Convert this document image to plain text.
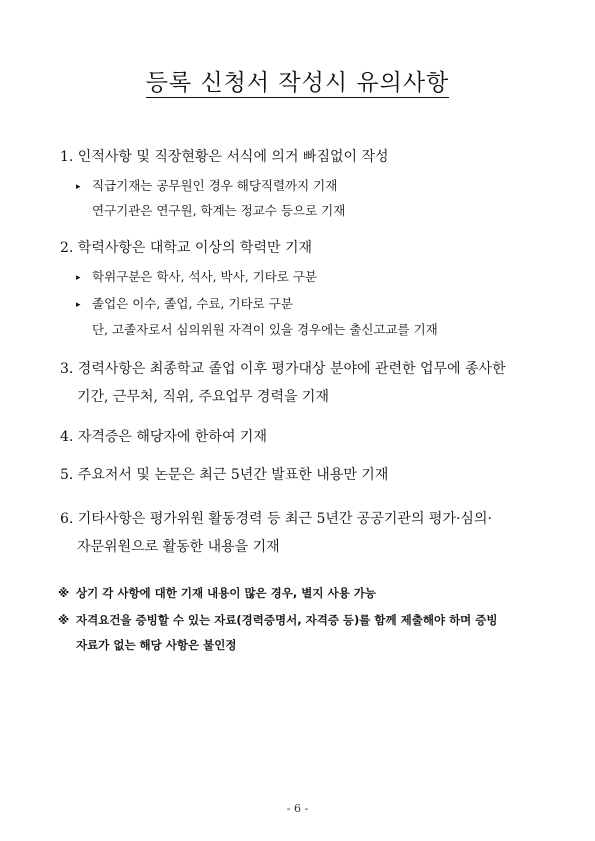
등록 신청서 작성시 유의사항
1. 인적사항 및 직장현황은 서식에 의거 빠짐없이 작성
▸ 직급기재는 공무원인 경우 해당직렬까지 기재
연구기관은 연구원, 학계는 정교수 등으로 기재
2. 학력사항은 대학교 이상의 학력만 기재
▸ 학위구분은 학사, 석사, 박사, 기타로 구분
▸ 졸업은 이수, 졸업, 수료, 기타로 구분
단, 고졸자로서 심의위원 자격이 있을 경우에는 출신고교를 기재
3. 경력사항은 최종학교 졸업 이후 평가대상 분야에 관련한 업무에 종사한
기간, 근무처, 직위, 주요업무 경력을 기재
4. 자격증은 해당자에 한하여 기재
5. 주요저서 및 논문은 최근 5년간 발표한 내용만 기재
6. 기타사항은 평가위원 활동경력 등 최근 5년간 공공기관의 평가·심의·
자문위원으로 활동한 내용을 기재
※ 상기 각 사항에 대한 기재 내용이 많은 경우, 별지 사용 가능
※ 자격요건을 증빙할 수 있는 자료(경력증명서, 자격증 등)를 함께 제출해야 하며 증빙
자료가 없는 해당 사항은 불인정
- 6 -
